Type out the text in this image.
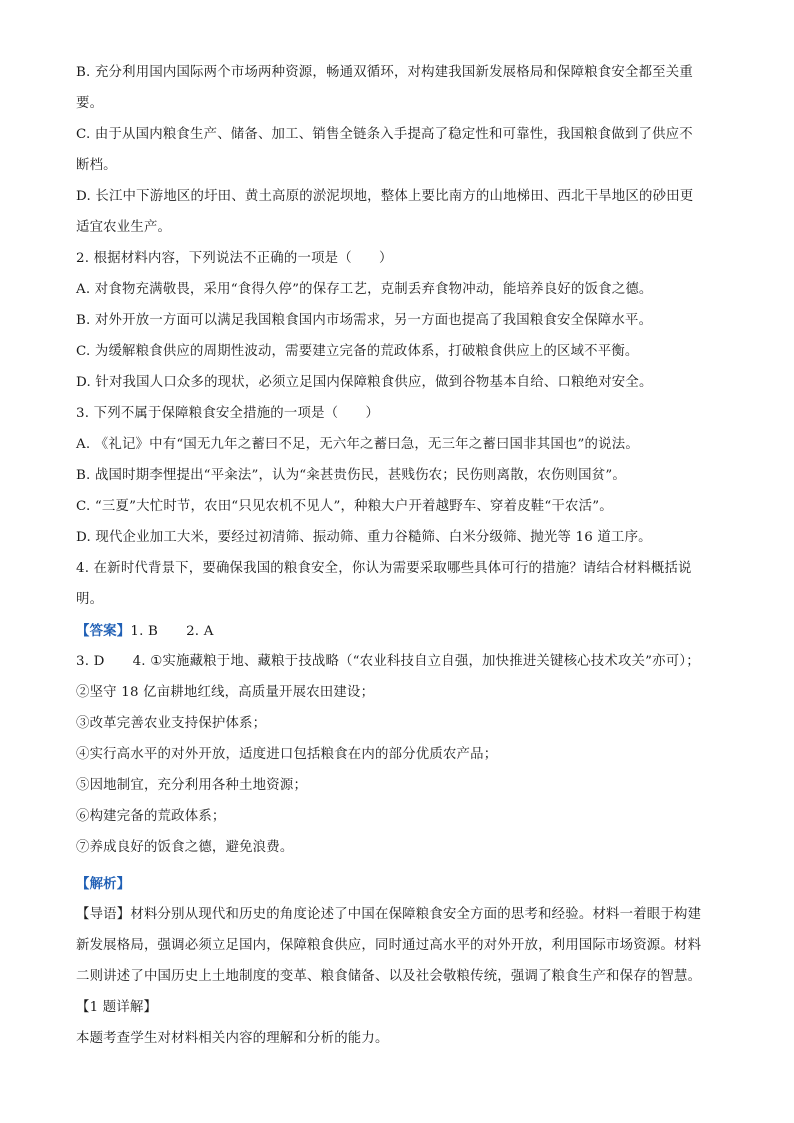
B. 充分利用国内国际两个市场两种资源，畅通双循环，对构建我国新发展格局和保障粮食安全都至关重
要。
C. 由于从国内粮食生产、储备、加工、销售全链条入手提高了稳定性和可靠性，我国粮食做到了供应不
断档。
D. 长江中下游地区的圩田、黄土高原的淤泥坝地，整体上要比南方的山地梯田、西北干旱地区的砂田更
适宜农业生产。
2. 根据材料内容，下列说法不正确的一项是（　　）
A. 对食物充满敬畏，采用“食得久停”的保存工艺，克制丢弃食物冲动，能培养良好的饭食之德。
B. 对外开放一方面可以满足我国粮食国内市场需求，另一方面也提高了我国粮食安全保障水平。
C. 为缓解粮食供应的周期性波动，需要建立完备的荒政体系，打破粮食供应上的区域不平衡。
D. 针对我国人口众多的现状，必须立足国内保障粮食供应，做到谷物基本自给、口粮绝对安全。
3. 下列不属于保障粮食安全措施的一项是（　　）
A. 《礼记》中有“国无九年之蓄曰不足，无六年之蓄曰急，无三年之蓄曰国非其国也”的说法。
B. 战国时期李悝提出“平籴法”，认为“籴甚贵伤民，甚贱伤农；民伤则离散，农伤则国贫”。
C. “三夏”大忙时节，农田“只见农机不见人”，种粮大户开着越野车、穿着皮鞋“干农活”。
D. 现代企业加工大米，要经过初清筛、振动筛、重力谷糙筛、白米分级筛、抛光等 16 道工序。
4. 在新时代背景下，要确保我国的粮食安全，你认为需要采取哪些具体可行的措施？请结合材料概括说
明。
【答案】1. B 2. A
3. D 4. ①实施藏粮于地、藏粮于技战略（“农业科技自立自强，加快推进关键核心技术攻关”亦可）；
②坚守 18 亿亩耕地红线，高质量开展农田建设；
③改革完善农业支持保护体系；
④实行高水平的对外开放，适度进口包括粮食在内的部分优质农产品；
⑤因地制宜，充分利用各种土地资源；
⑥构建完备的荒政体系；
⑦养成良好的饭食之德，避免浪费。
【解析】
【导语】材料分别从现代和历史的角度论述了中国在保障粮食安全方面的思考和经验。材料一着眼于构建
新发展格局，强调必须立足国内，保障粮食供应，同时通过高水平的对外开放，利用国际市场资源。材料
二则讲述了中国历史上土地制度的变革、粮食储备、以及社会敬粮传统，强调了粮食生产和保存的智慧。
【1 题详解】
本题考查学生对材料相关内容的理解和分析的能力。
